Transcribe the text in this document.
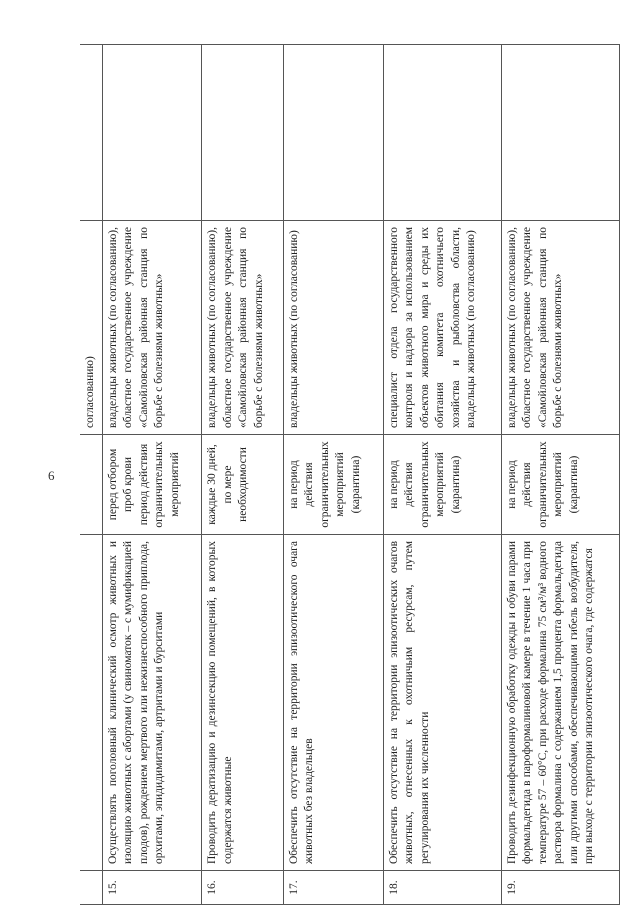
6
			согласованию)	
15.	Осуществлять поголовный клинический осмотр животных и изоляцию животных с абортами (у свиноматок – с мумификацией плодов), рождением мертвого или нежизнеспособного приплода, орхитами, эпидидимитами, артритами и бурситами	перед отбором проб крови период действия ограничительных мероприятий	владельцы животных (по согласованию), областное государственное учреждение «Самойловская районная станция по борьбе с болезнями животных»	
16.	Проводить дератизацию и дезинсекцию помещений, в которых содержатся животные	каждые 30 дней, по мере необходимости	владельцы животных (по согласованию), областное государственное учреждение «Самойловская районная станция по борьбе с болезнями животных»	
17.	Обеспечить отсутствие на территории эпизоотического очага животных без владельцев	на период действия ограничительных мероприятий (карантина)	владельцы животных (по согласованию)	
18.	Обеспечить отсутствие на территории эпизоотических очагов животных, отнесенных к охотничьим ресурсам, путем регулирования их численности	на период действия ограничительных мероприятий (карантина)	специалист отдела государственного контроля и надзора за использованием объектов животного мира и среды их обитания комитета охотничьего хозяйства и рыболовства области, владельцы животных (по согласованию)	
19.	Проводить дезинфекционную обработку одежды и обуви парами формальдегида в пароформалиновой камере в течение 1 часа при температуре 57 – 60°С, при расходе формалина 75 см³/м³ водного раствора формалина с содержанием 1,5 процента формальдегида или другими способами, обеспечивающими гибель возбудителя, при выходе с территории эпизоотического очага, где содержатся	на период действия ограничительных мероприятий (карантина)	владельцы животных (по согласованию), областное государственное учреждение «Самойловская районная станция по борьбе с болезнями животных»	
